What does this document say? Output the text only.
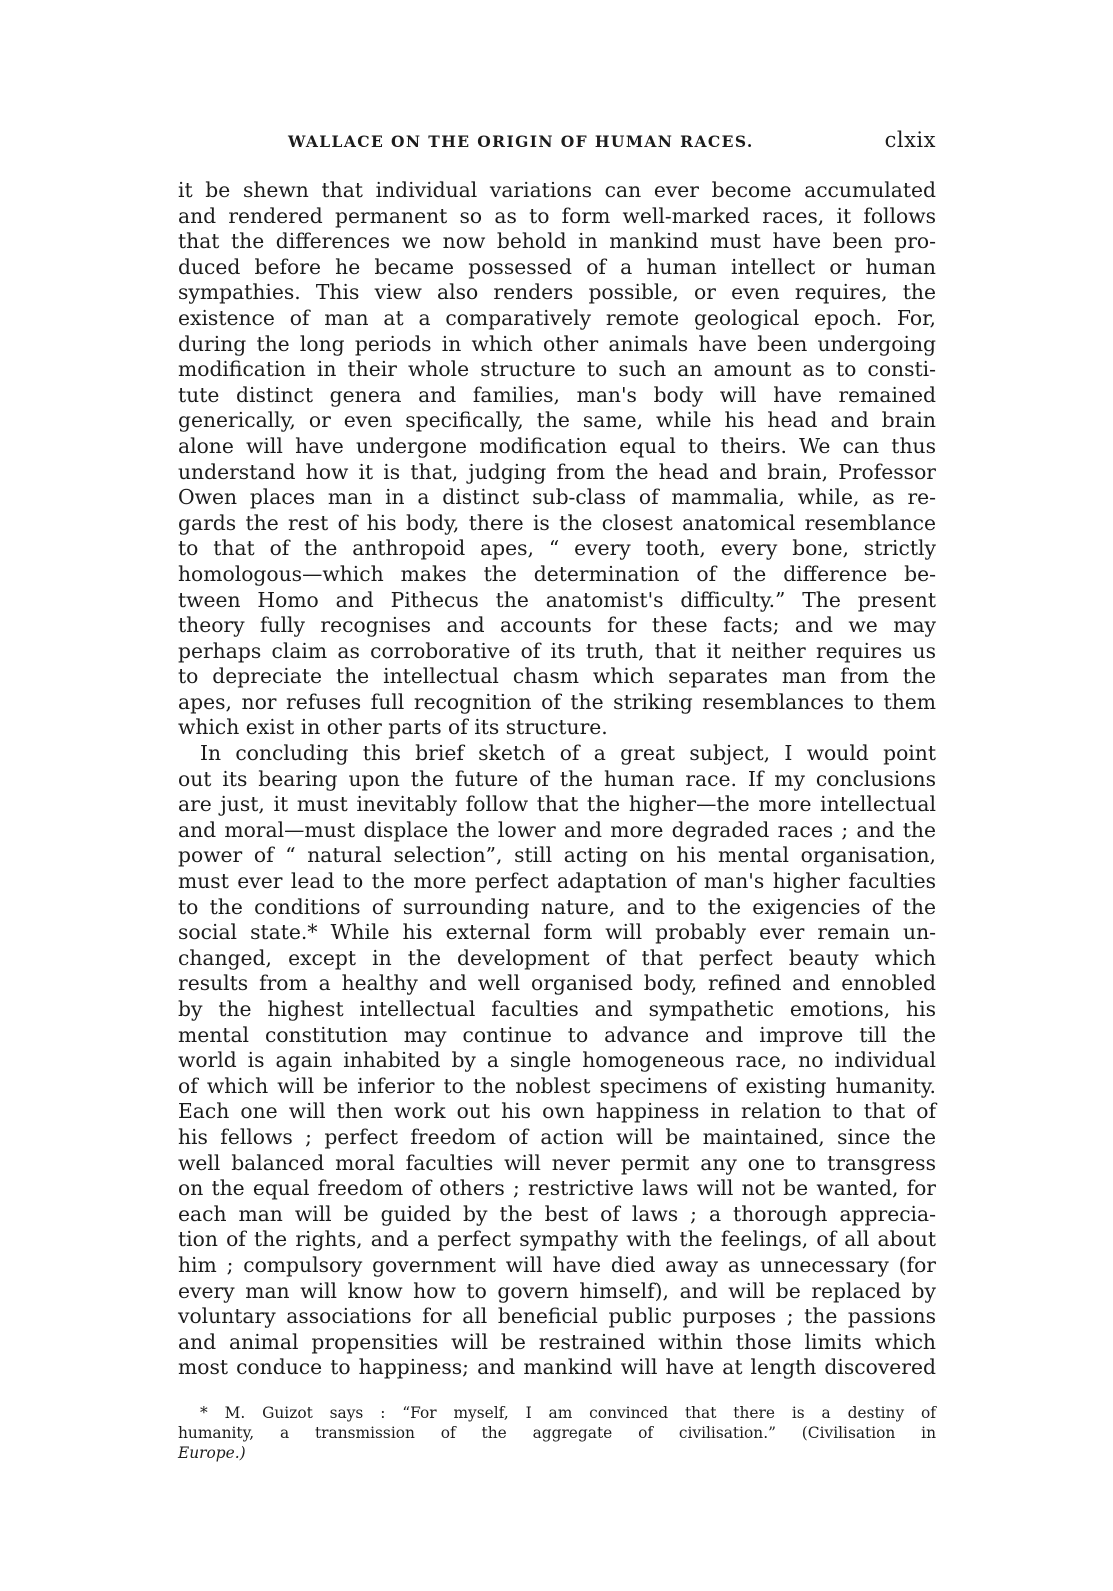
WALLACE ON THE ORIGIN OF HUMAN RACES.	clxix
it be shewn that individual variations can ever become accumulated
and rendered permanent so as to form well-marked races, it follows
that the differences we now behold in mankind must have been pro-
duced before he became possessed of a human intellect or human
sympathies. This view also renders possible, or even requires, the
existence of man at a comparatively remote geological epoch. For,
during the long periods in which other animals have been undergoing
modification in their whole structure to such an amount as to consti-
tute distinct genera and families, man's body will have remained
generically, or even specifically, the same, while his head and brain
alone will have undergone modification equal to theirs. We can thus
understand how it is that, judging from the head and brain, Professor
Owen places man in a distinct sub-class of mammalia, while, as re-
gards the rest of his body, there is the closest anatomical resemblance
to that of the anthropoid apes, “ every tooth, every bone, strictly
homologous—which makes the determination of the difference be-
tween Homo and Pithecus the anatomist's difficulty.” The present
theory fully recognises and accounts for these facts; and we may
perhaps claim as corroborative of its truth, that it neither requires us
to depreciate the intellectual chasm which separates man from the
apes, nor refuses full recognition of the striking resemblances to them
which exist in other parts of its structure.
In concluding this brief sketch of a great subject, I would point
out its bearing upon the future of the human race. If my conclusions
are just, it must inevitably follow that the higher—the more intellectual
and moral—must displace the lower and more degraded races ; and the
power of “ natural selection”, still acting on his mental organisation,
must ever lead to the more perfect adaptation of man's higher faculties
to the conditions of surrounding nature, and to the exigencies of the
social state.* While his external form will probably ever remain un-
changed, except in the development of that perfect beauty which
results from a healthy and well organised body, refined and ennobled
by the highest intellectual faculties and sympathetic emotions, his
mental constitution may continue to advance and improve till the
world is again inhabited by a single homogeneous race, no individual
of which will be inferior to the noblest specimens of existing humanity.
Each one will then work out his own happiness in relation to that of
his fellows ; perfect freedom of action will be maintained, since the
well balanced moral faculties will never permit any one to transgress
on the equal freedom of others ; restrictive laws will not be wanted, for
each man will be guided by the best of laws ; a thorough apprecia-
tion of the rights, and a perfect sympathy with the feelings, of all about
him ; compulsory government will have died away as unnecessary (for
every man will know how to govern himself), and will be replaced by
voluntary associations for all beneficial public purposes ; the passions
and animal propensities will be restrained within those limits which
most conduce to happiness; and mankind will have at length discovered
* M. Guizot says : “For myself, I am convinced that there is a destiny of
humanity, a transmission of the aggregate of civilisation.” (Civilisation in
Europe.)
